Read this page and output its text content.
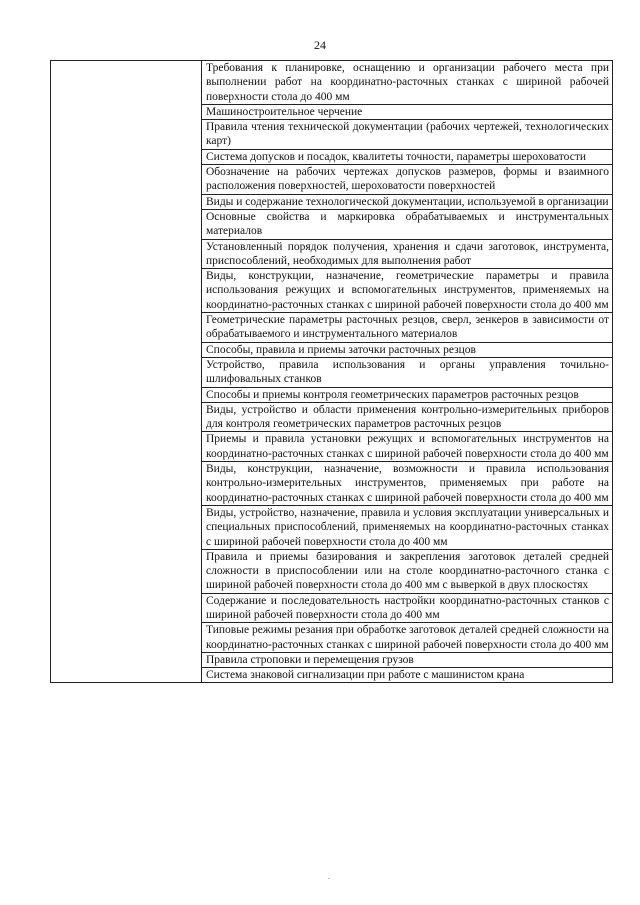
24
	Требования к планировке, оснащению и организации рабочего места при выполнении работ на координатно-расточных станках с шириной рабочей поверхности стола до 400 мм
Машиностроительное черчение
Правила чтения технической документации (рабочих чертежей, технологических карт)
Система допусков и посадок, квалитеты точности, параметры шероховатости
Обозначение на рабочих чертежах допусков размеров, формы и взаимного расположения поверхностей, шероховатости поверхностей
Виды и содержание технологической документации, используемой в организации
Основные свойства и маркировка обрабатываемых и инструментальных материалов
Установленный порядок получения, хранения и сдачи заготовок, инструмента, приспособлений, необходимых для выполнения работ
Виды, конструкции, назначение, геометрические параметры и правила использования режущих и вспомогательных инструментов, применяемых на координатно-расточных станках с шириной рабочей поверхности стола до 400 мм
Геометрические параметры расточных резцов, сверл, зенкеров в зависимости от обрабатываемого и инструментального материалов
Способы, правила и приемы заточки расточных резцов
Устройство, правила использования и органы управления точильно-шлифовальных станков
Способы и приемы контроля геометрических параметров расточных резцов
Виды, устройство и области применения контрольно-измерительных приборов для контроля геометрических параметров расточных резцов
Приемы и правила установки режущих и вспомогательных инструментов на координатно-расточных станках с шириной рабочей поверхности стола до 400 мм
Виды, конструкции, назначение, возможности и правила использования контрольно-измерительных инструментов, применяемых при работе на координатно-расточных станках с шириной рабочей поверхности стола до 400 мм
Виды, устройство, назначение, правила и условия эксплуатации универсальных и специальных приспособлений, применяемых на координатно-расточных станках с шириной рабочей поверхности стола до 400 мм
Правила и приемы базирования и закрепления заготовок деталей средней сложности в приспособлении или на столе координатно-расточного станка с шириной рабочей поверхности стола до 400 мм с выверкой в двух плоскостях
Содержание и последовательность настройки координатно-расточных станков с шириной рабочей поверхности стола до 400 мм
Типовые режимы резания при обработке заготовок деталей средней сложности на координатно-расточных станках с шириной рабочей поверхности стола до 400 мм
Правила строповки и перемещения грузов
Система знаковой сигнализации при работе с машинистом крана
.
